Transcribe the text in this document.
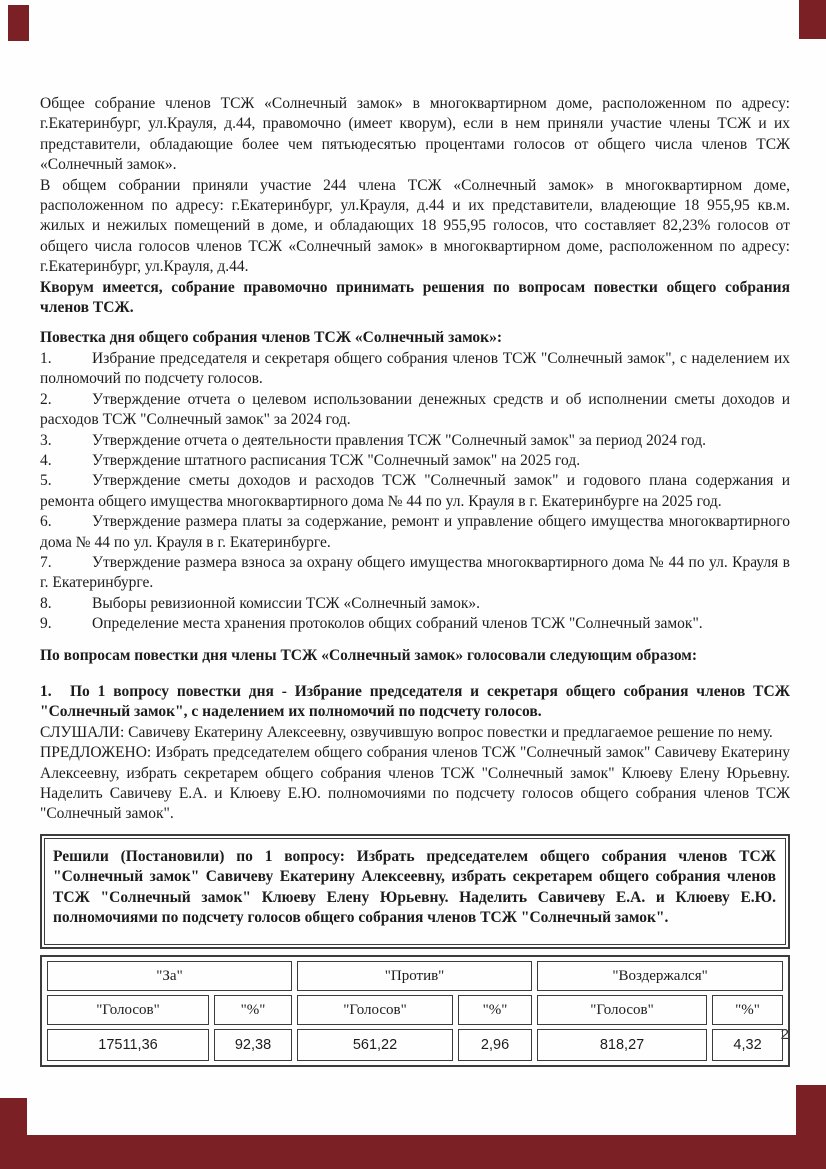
Общее собрание членов ТСЖ «Солнечный замок» в многоквартирном доме, расположенном по адресу: г.Екатеринбург, ул.Крауля, д.44, правомочно (имеет кворум), если в нем приняли участие члены ТСЖ и их представители, обладающие более чем пятьюдесятью процентами голосов от общего числа членов ТСЖ «Солнечный замок».

В общем собрании приняли участие 244 члена ТСЖ «Солнечный замок» в многоквартирном доме, расположенном по адресу: г.Екатеринбург, ул.Крауля, д.44 и их представители, владеющие 18 955,95 кв.м. жилых и нежилых помещений в доме, и обладающих 18 955,95 голосов, что составляет 82,23% голосов от общего числа голосов членов ТСЖ «Солнечный замок» в многоквартирном доме, расположенном по адресу: г.Екатеринбург, ул.Крауля, д.44.

Кворум имеется, собрание правомочно принимать решения по вопросам повестки общего собрания членов ТСЖ.

Повестка дня общего собрания членов ТСЖ «Солнечный замок»:

1.	Избрание председателя и секретаря общего собрания членов ТСЖ "Солнечный замок", с наделением их полномочий по подсчету голосов.

2.	Утверждение отчета о целевом использовании денежных средств и об исполнении сметы доходов и расходов ТСЖ "Солнечный замок" за 2024 год.

3.	Утверждение отчета о деятельности правления ТСЖ "Солнечный замок" за период 2024 год.

4.	Утверждение штатного расписания ТСЖ "Солнечный замок" на 2025 год.

5.	Утверждение сметы доходов и расходов ТСЖ "Солнечный замок" и годового плана содержания и ремонта общего имущества многоквартирного дома № 44 по ул. Крауля в г. Екатеринбурге на 2025 год.

6.	Утверждение размера платы за содержание, ремонт и управление общего имущества многоквартирного дома № 44 по ул. Крауля в г. Екатеринбурге.

7.	Утверждение размера взноса за охрану общего имущества многоквартирного дома № 44 по ул. Крауля в г. Екатеринбурге.

8.	Выборы ревизионной комиссии ТСЖ «Солнечный замок».

9.	Определение места хранения протоколов общих собраний членов ТСЖ "Солнечный замок".

По вопросам повестки дня члены ТСЖ «Солнечный замок» голосовали следующим образом:

1. По 1 вопросу повестки дня - Избрание председателя и секретаря общего собрания членов ТСЖ "Солнечный замок", с наделением их полномочий по подсчету голосов.

СЛУШАЛИ: Савичеву Екатерину Алексеевну, озвучившую вопрос повестки и предлагаемое решение по нему.

ПРЕДЛОЖЕНО: Избрать председателем общего собрания членов ТСЖ "Солнечный замок" Савичеву Екатерину Алексеевну, избрать секретарем общего собрания членов ТСЖ "Солнечный замок" Клюеву Елену Юрьевну. Наделить Савичеву Е.А. и Клюеву Е.Ю. полномочиями по подсчету голосов общего собрания членов ТСЖ "Солнечный замок".

Решили (Постановили) по 1 вопросу: Избрать председателем общего собрания членов ТСЖ "Солнечный замок" Савичеву Екатерину Алексеевну, избрать секретарем общего собрания членов ТСЖ "Солнечный замок" Клюеву Елену Юрьевну. Наделить Савичеву Е.А. и Клюеву Е.Ю. полномочиями по подсчету голосов общего собрания членов ТСЖ "Солнечный замок".
"За"		"Против"		"Воздержался"	
"Голосов"	"%"	"Голосов"	"%"	"Голосов"	"%"
17511,36	92,38	561,22	2,96	818,27	4,32
2
